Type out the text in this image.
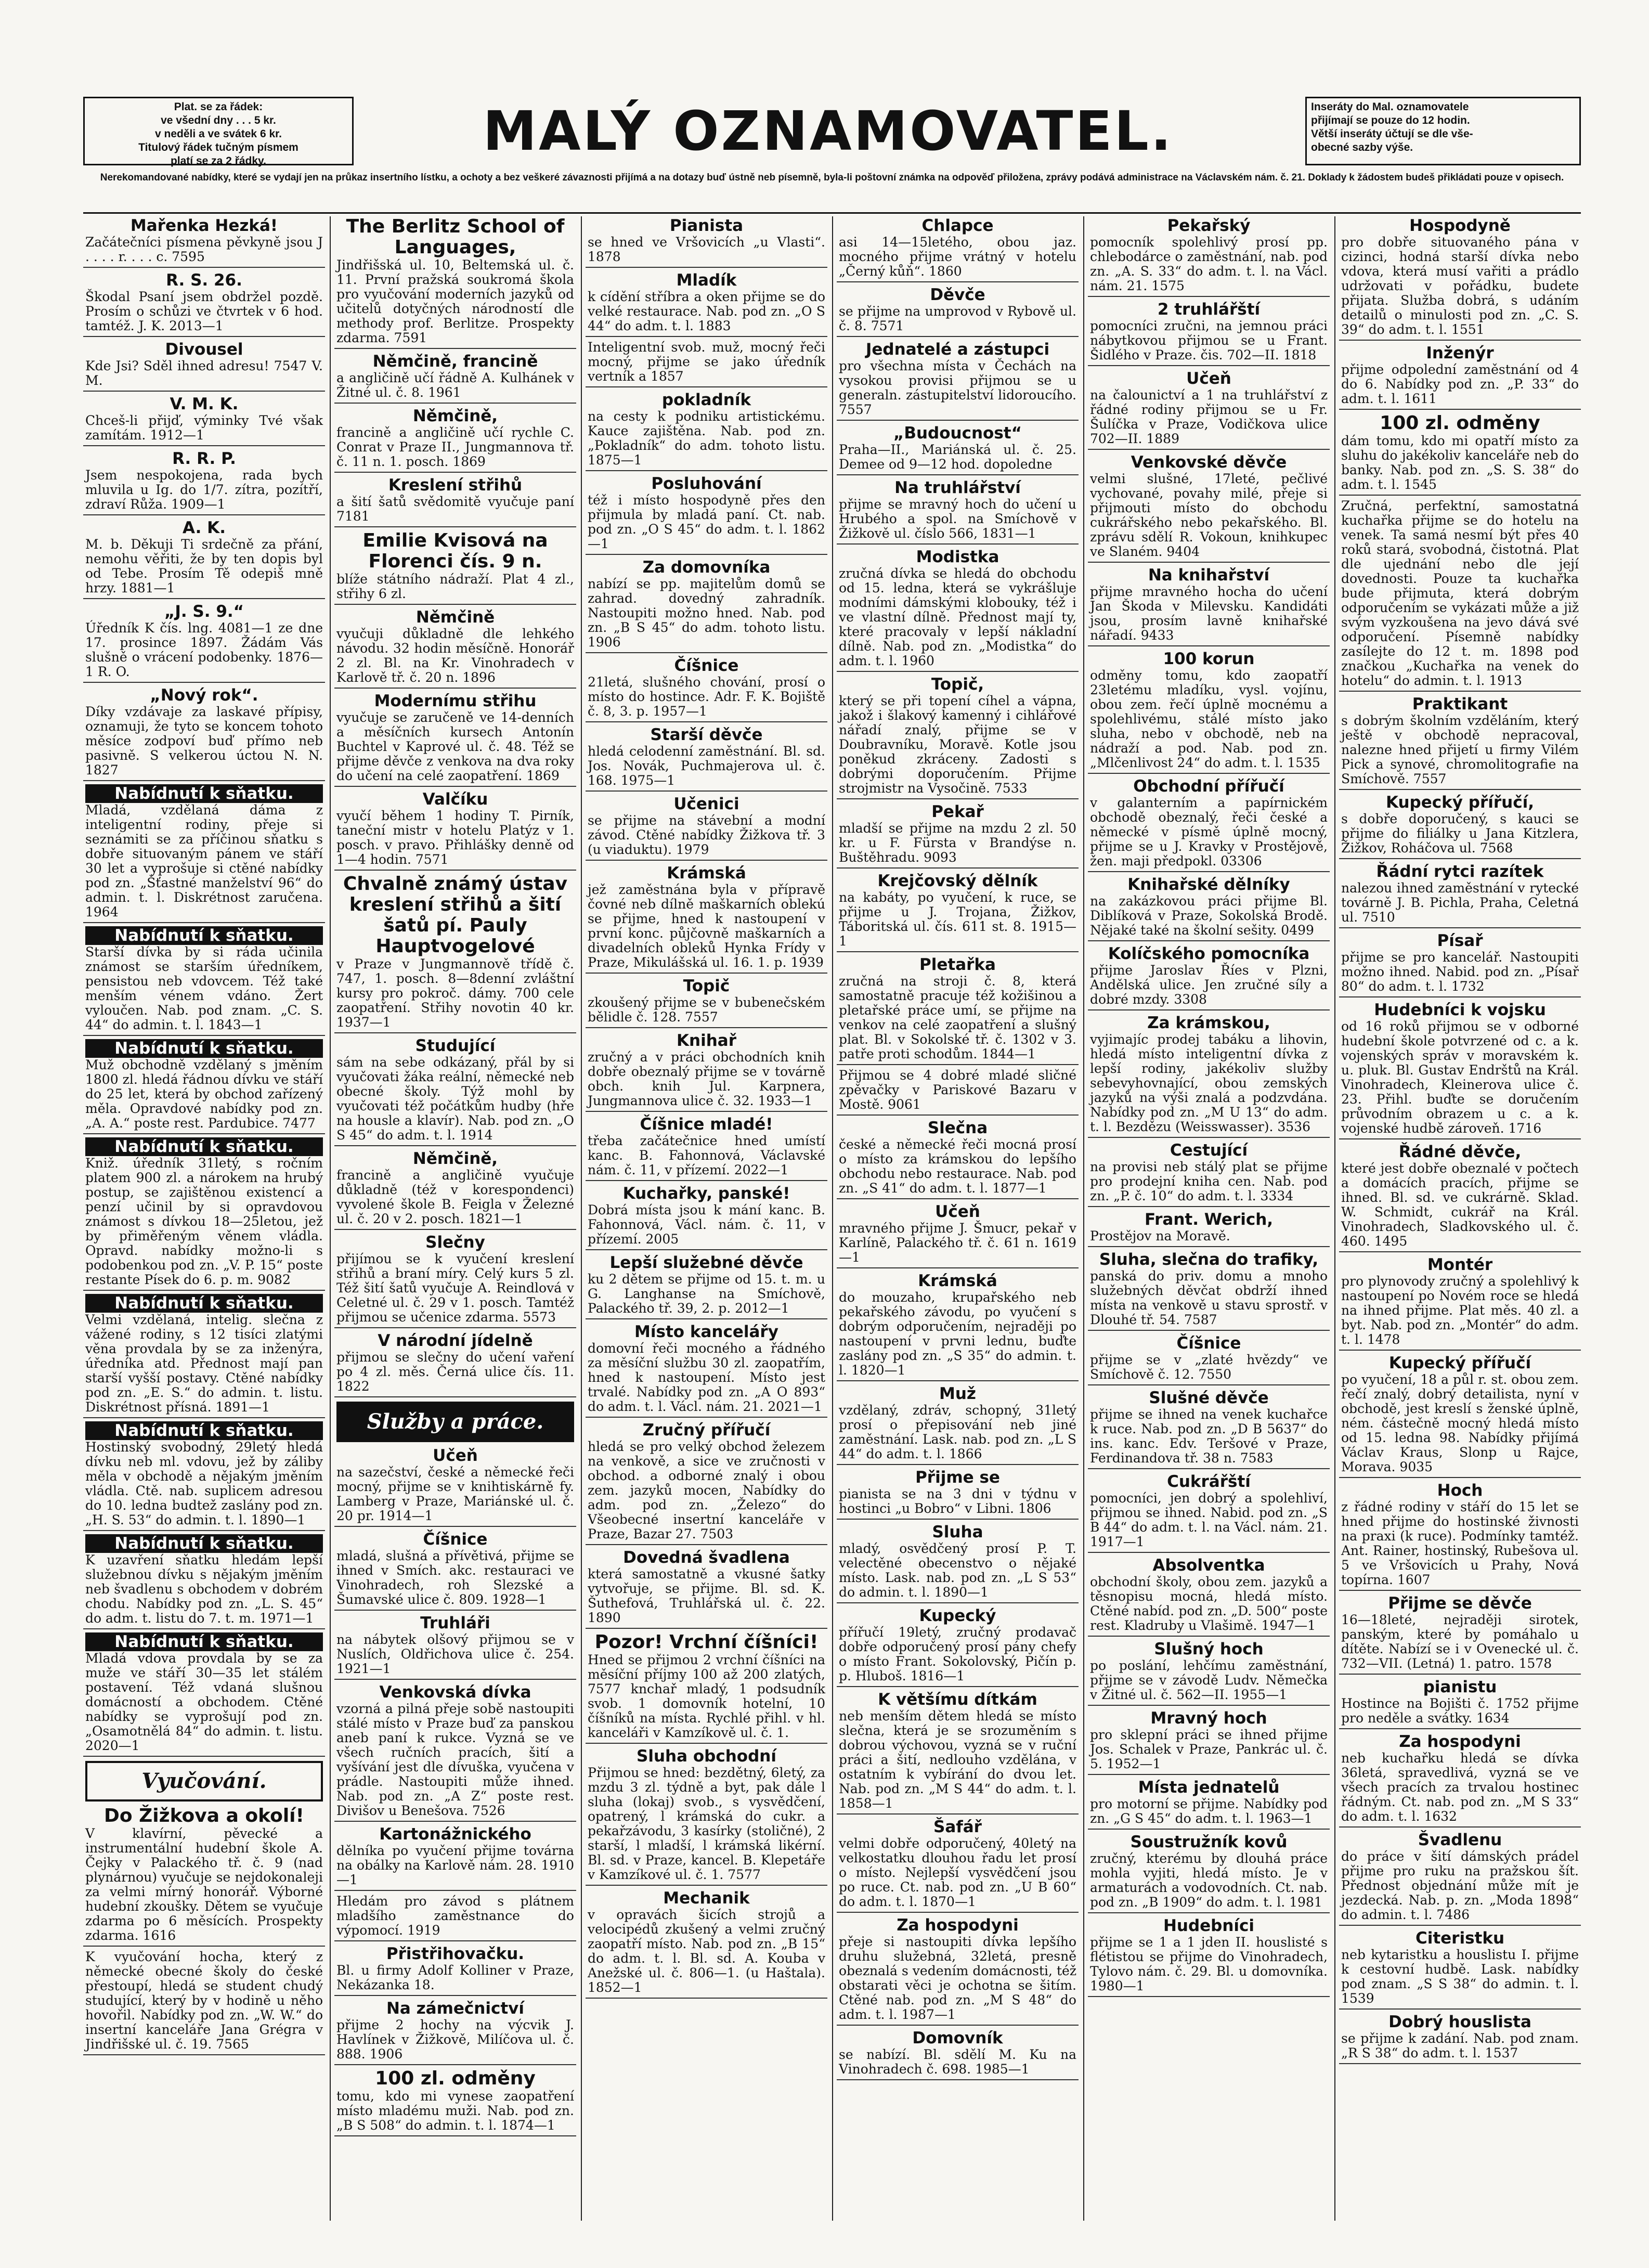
Plat. se za řádek:
ve všední dny . . . 5 kr.
v neděli a ve svátek 6 kr.
Titulový řádek tučným písmem
platí se za 2 řádky.	MALÝ OZNAMOVATEL.	Inseráty do Mal. oznamovatele
přijímají se pouze do 12 hodin.
Větší inseráty účtují se dle vše-
obecné sazby výše.
Nerekomandované nabídky, které se vydají jen na průkaz insertního lístku, a ochoty a bez veškeré závaznosti přijímá a na dotazy buď ústně neb písemně, byla-li poštovní známka na odpověď přiložena, zprávy podává administrace na Václavském nám. č. 21. Doklady k žádostem budeš přikládati pouze v opisech.
Mařenka Hezká!
Začátečníci písmena pěvkyně jsou J . . . . r. . . . c. 7595
R. S. 26.
Škodal Psaní jsem obdržel pozdě. Prosím o schůzi ve čtvrtek v 6 hod. tamtéž. J. K. 2013—1
Divousel
Kde Jsi? Sděl ihned adresu! 7547 V. M.
V. M. K.
Chceš-li přijď, výminky Tvé však zamítám. 1912—1
R. R. P.
Jsem nespokojena, rada bych mluvila u Ig. do 1/7. zítra, pozítří, zdraví Růža. 1909—1
A. K.
M. b. Děkuji Ti srdečně za přání, nemohu věřiti, že by ten dopis byl od Tebe. Prosím Tě odepiš mně hrzy. 1881—1
„J. S. 9.“
Úředník K čís. lng. 4081—1 ze dne 17. prosince 1897. Žádám Vás slušně o vrácení podobenky. 1876—1 R. O.
„Nový rok“.
Díky vzdávaje za laskavé přípisy, oznamuji, že tyto se koncem tohoto měsíce zodpoví buď přímo neb pasivně. S velkerou úctou N. N. 1827
Nabídnutí k sňatku.
Mladá, vzdělaná dáma z inteligentní rodiny, přeje si seznámiti se za příčinou sňatku s dobře situovaným pánem ve stáří 30 let a vyprošuje si ctěné nabídky pod zn. „Šťastné manželství 96“ do admin. t. l. Diskrétnost zaručena. 1964
Nabídnutí k sňatku.
Starší dívka by si ráda učinila známost se starším úředníkem, pensistou neb vdovcem. Též také menším vénem vdáno. Žert vyloučen. Nab. pod znam. „C. S. 44“ do admin. t. l. 1843—1
Nabídnutí k sňatku.
Muž obchodně vzdělaný s jměním 1800 zl. hledá řádnou dívku ve stáří do 25 let, která by obchod zařízený měla. Opravdové nabídky pod zn. „A. A.“ poste rest. Pardubice. 7477
Nabídnutí k sňatku.
Kniž. úředník 31letý, s ročním platem 900 zl. a nárokem na hrubý postup, se zajištěnou existencí a penzí učinil by si opravdovou známost s dívkou 18—25letou, jež by přiměřeným věnem vládla. Opravd. nabídky možno-li s podobenkou pod zn. „V. P. 15“ poste restante Písek do 6. p. m. 9082
Nabídnutí k sňatku.
Velmi vzdělaná, intelig. slečna z vážené rodiny, s 12 tisíci zlatými věna provdala by se za inženýra, úředníka atd. Přednost mají pan starší vyšší postavy. Ctěné nabídky pod zn. „E. S.“ do admin. t. listu. Diskrétnost přísná. 1891—1
Nabídnutí k sňatku.
Hostinský svobodný, 29letý hledá dívku neb ml. vdovu, jež by záliby měla v obchodě a nějakým jměním vládla. Ctě. nab. suplicem adresou do 10. ledna budtež zaslány pod zn. „H. S. 53“ do admin. t. l. 1890—1
Nabídnutí k sňatku.
K uzavření sňatku hledám lepší služebnou dívku s nějakým jměním neb švadlenu s obchodem v dobrém chodu. Nabídky pod zn. „L. S. 45“ do adm. t. listu do 7. t. m. 1971—1
Nabídnutí k sňatku.
Mladá vdova provdala by se za muže ve stáří 30—35 let stálém postavení. Též vdaná slušnou domácností a obchodem. Ctěné nabídky se vyprošují pod zn. „Osamotnělá 84“ do admin. t. listu. 2020—1
Vyučování.
Do Žižkova a okolí!
V klavírní, pěvecké a instrumentální hudební škole A. Čejky v Palackého tř. č. 9 (nad plynárnou) vyučuje se nejdokonaleji za velmi mírný honorář. Výborné hudební zkoušky. Dětem se vyučuje zdarma po 6 měsících. Prospekty zdarma. 1616
K vyučování hocha, který z německé obecné školy do české přestoupí, hledá se student chudý studující, který by v hodině u něho hovořil. Nabídky pod zn. „W. W.“ do insertní kanceláře Jana Grégra v Jindřišské ul. č. 19. 7565
The Berlitz School of Languages,
Jindřišská ul. 10, Beltemská ul. č. 11. První pražská soukromá škola pro vyučování moderních jazyků od učitelů dotyčných národností dle methody prof. Berlitze. Prospekty zdarma. 7591
Němčině, francině
a angličině učí řádně A. Kulhánek v Žitné ul. č. 8. 1961
Němčině,
francině a angličině učí rychle C. Conrat v Praze II., Jungmannova tř. č. 11 n. 1. posch. 1869
Kreslení střihů
a šití šatů svědomitě vyučuje paní 7181
Emilie Kvisová na Florenci čís. 9 n.
blíže státního nádraží. Plat 4 zl., střihy 6 zl.
Němčině
vyučuji důkladně dle lehkého návodu. 32 hodin měsíčně. Honorář 2 zl. Bl. na Kr. Vinohradech v Karlově tř. č. 20 n. 1896
Modernímu střihu
vyučuje se zaručeně ve 14-denních a měsíčních kursech Antonín Buchtel v Kaprové ul. č. 48. Též se přijme děvče z venkova na dva roky do učení na celé zaopatření. 1869
Valčíku
vyučí během 1 hodiny T. Pirník, taneční mistr v hotelu Platýz v 1. posch. v pravo. Přihlášky denně od 1—4 hodin. 7571
Chvalně známý ústav kreslení střihů a šití šatů pí. Pauly Hauptvogelové
v Praze v Jungmannově třídě č. 747, 1. posch. 8—8denní zvláštní kursy pro pokroč. dámy. 700 cele zaopatření. Střihy novotin 40 kr. 1937—1
Studující
sám na sebe odkázaný, přál by si vyučovati žáka reální, německé neb obecné školy. Týž mohl by vyučovati též počátkům hudby (hře na housle a klavír). Nab. pod zn. „O S 45“ do adm. t. l. 1914
Němčině,
francině a angličině vyučuje důkladně (též v korespondenci) vyvolené škole B. Feigla v Železné ul. č. 20 v 2. posch. 1821—1
Slečny
přijímou se k vyučení kreslení střihů a braní míry. Celý kurs 5 zl. Též šití šatů vyučuje A. Reindlová v Celetné ul. č. 29 v 1. posch. Tamtéž přijmou se učenice zdarma. 5573
V národní jídelně
přijmou se slečny do učení vaření po 4 zl. měs. Černá ulice čís. 11. 1822
Služby a práce.
Učeň
na sazečství, české a německé řeči mocný, přijme se v knihtiskárně fy. Lamberg v Praze, Mariánské ul. č. 20 pr. 1914—1
Číšnice
mladá, slušná a přívětivá, přijme se ihned v Smích. akc. restauraci ve Vinohradech, roh Slezské a Šumavské ulice č. 809. 1928—1
Truhláři
na nábytek olšový přijmou se v Nuslích, Oldřichova ulice č. 254. 1921—1
Venkovská dívka
vzorná a pilná přeje sobě nastoupiti stálé místo v Praze buď za panskou aneb paní k rukce. Vyzná se ve všech ručních pracích, šití a vyšívání jest dle dívuška, vyučena v prádle. Nastoupiti může ihned. Nab. pod zn. „A Z“ poste rest. Divišov u Benešova. 7526
Kartonážnického
dělníka po vyučení přijme továrna na obálky na Karlově nám. 28. 1910—1
Hledám pro závod s plátnem mladšího zaměstnance do výpomocí. 1919
Přistřihovačku.
Bl. u firmy Adolf Kolliner v Praze, Nekázanka 18.
Na zámečnictví
přijme 2 hochy na výcvik J. Havlínek v Žižkově, Milíčova ul. č. 888. 1906
100 zl. odměny
tomu, kdo mi vynese zaopatření místo mladému muži. Nab. pod zn. „B S 508“ do admin. t. l. 1874—1
Pianista
se hned ve Vršovicích „u Vlasti“. 1878
Mladík
k cídění stříbra a oken přijme se do velké restaurace. Nab. pod zn. „O S 44“ do adm. t. l. 1883
Inteligentní svob. muž, mocný řeči mocný, přijme se jako úředník vertník a 1857
pokladník
na cesty k podniku artistickému. Kauce zajištěna. Nab. pod zn. „Pokladník“ do adm. tohoto listu. 1875—1
Posluhování
též i místo hospodyně přes den přijmula by mladá paní. Ct. nab. pod zn. „O S 45“ do adm. t. l. 1862—1
Za domovníka
nabízí se pp. majitelům domů se zahrad. dovedný zahradník. Nastoupiti možno hned. Nab. pod zn. „B S 45“ do adm. tohoto listu. 1906
Číšnice
21letá, slušného chování, prosí o místo do hostince. Adr. F. K. Bojiště č. 8, 3. p. 1957—1
Starší děvče
hledá celodenní zaměstnání. Bl. sd. Jos. Novák, Puchmajerova ul. č. 168. 1975—1
Učenici
se přijme na stávební a modní závod. Ctěné nabídky Žižkova tř. 3 (u viaduktu). 1979
Krámská
jež zaměstnána byla v přípravě čovné neb dílně maškarních oblekú se přijme, hned k nastoupení v první konc. půjčovně maškarních a divadelních obleků Hynka Frídy v Praze, Mikulášská ul. 16. 1. p. 1939
Topič
zkoušený přijme se v bubenečském bělidle č. 128. 7557
Knihař
zručný a v práci obchodních knih dobře obeznalý přijme se v továrně obch. knih Jul. Karpnera, Jungmannova ulice č. 32. 1933—1
Číšnice mladé!
třeba začátečnice hned umístí kanc. B. Fahonnová, Václavské nám. č. 11, v přízemí. 2022—1
Kuchařky, panské!
Dobrá místa jsou k mání kanc. B. Fahonnová, Václ. nám. č. 11, v přízemí. 2005
Lepší služebné děvče
ku 2 dětem se přijme od 15. t. m. u G. Langhanse na Smíchově, Palackého tř. 39, 2. p. 2012—1
Místo kancelářy
domovní řeči mocného a řádného za měsíční službu 30 zl. zaopatřím, hned k nastoupení. Místo jest trvalé. Nabídky pod zn. „A O 893“ do adm. t. l. Václ. nám. 21. 2021—1
Zručný přířučí
hledá se pro velký obchod železem na venkově, a sice ve zručnosti v obchod. a odborné znalý i obou zem. jazyků mocen, Nabídky do adm. pod zn. „Železo“ do Všeobecné insertní kanceláře v Praze, Bazar 27. 7503
Dovedná švadlena
která samostatně a vkusné šatky vytvořuje, se přijme. Bl. sd. K. Šuthefová, Truhlářská ul. č. 22. 1890
Pozor! Vrchní číšníci!
Hned se přijmou 2 vrchní číšníci na měsíční příjmy 100 až 200 zlatých, 7577 knchař mladý, 1 podsudník svob. 1 domovník hotelní, 10 číšníků na místa. Rychlé přihl. v hl. kanceláři v Kamzíkově ul. č. 1.
Sluha obchodní
Přijmou se hned: bezdětný, 6letý, za mzdu 3 zl. týdně a byt, pak dále l sluha (lokaj) svob., s vysvědčení, opatrený, l krámská do cukr. a pekařzávodu, 3 kasírky (stoličné), 2 starší, l mladší, l krámská likérní. Bl. sd. v Praze, kancel. B. Klepetáře v Kamzíkové ul. č. 1. 7577
Mechanik
v opravách šicích strojů a velocipédů zkušený a velmi zručný zaopatří místo. Nab. pod zn. „B 15“ do adm. t. l. Bl. sd. A. Kouba v Anežské ul. č. 806—1. (u Haštala). 1852—1
Chlapce
asi 14—15letého, obou jaz. mocného přijme vrátný v hotelu „Černý kůň“. 1860
Děvče
se přijme na umprovod v Rybově ul. č. 8. 7571
Jednatelé a zástupci
pro všechna místa v Čechách na vysokou provisi přijmou se u generaln. zástupitelství lidoroucího. 7557
„Budoucnost“
Praha—II., Mariánská ul. č. 25. Demee od 9—12 hod. dopoledne
Na truhlářství
přijme se mravný hoch do učení u Hrubého a spol. na Smíchově v Žižkově ul. číslo 566, 1831—1
Modistka
zručná dívka se hledá do obchodu od 15. ledna, která se vykrášluje modními dámskými klobouky, též i ve vlastní dílně. Přednost mají ty, které pracovaly v lepší nákladní dílně. Nab. pod zn. „Modistka“ do adm. t. l. 1960
Topič,
který se při topení cíhel a vápna, jakož i šlakový kamenný i cihlářové nářadí znalý, přijme se v Doubravníku, Moravě. Kotle jsou poněkud zkráceny. Zadosti s dobrými doporučením. Přijme strojmistr na Vysočině. 7533
Pekař
mladší se přijme na mzdu 2 zl. 50 kr. u F. Fürsta v Brandýse n. Buštěhradu. 9093
Krejčovský dělník
na kabáty, po vyučení, k ruce, se přijme u J. Trojana, Žižkov, Táboritská ul. čís. 611 st. 8. 1915—1
Pletařka
zručná na stroji č. 8, která samostatně pracuje též kožišinou a pletařské práce umí, se přijme na venkov na celé zaopatření a slušný plat. Bl. v Sokolské tř. č. 1302 v 3. patře proti schodům. 1844—1
Přijmou se 4 dobré mladé sličné zpěvačky v Pariskové Bazaru v Mostě. 9061
Slečna
české a německé řeči mocná prosí o místo za krámskou do lepšího obchodu nebo restaurace. Nab. pod zn. „S 41“ do adm. t. l. 1877—1
Učeň
mravného přijme J. Šmucr, pekař v Karlíně, Palackého tř. č. 61 n. 1619—1
Krámská
do mouzaho, krupařského neb pekařského závodu, po vyučení s dobrým odporučením, nejraději po nastoupení v prvni lednu, buďte zaslány pod zn. „S 35“ do admin. t. l. 1820—1
Muž
vzdělaný, zdráv, schopný, 31letý prosí o přepisování neb jiné zaměstnání. Lask. nab. pod zn. „L S 44“ do adm. t. l. 1866
Přijme se
pianista se na 3 dni v týdnu v hostinci „u Bobro“ v Libni. 1806
Sluha
mladý, osvědčený prosí P. T. velectěné obecenstvo o nějaké místo. Lask. nab. pod zn. „L S 53“ do admin. t. l. 1890—1
Kupecký
přířučí 19letý, zručný prodavač dobře odporučený prosí pány chefy o místo Frant. Sokolovský, Pičín p. p. Hluboš. 1816—1
K většímu dítkám
neb menším dětem hledá se místo slečna, která je se srozuměním s dobrou výchovou, vyzná se v ruční práci a šití, nedlouho vzdělána, v ostatním k vybírání do dvou let. Nab. pod zn. „M S 44“ do adm. t. l. 1858—1
Šafář
velmi dobře odporučený, 40letý na velkostatku dlouhou řadu let prosí o místo. Nejlepší vysvědčení jsou po ruce. Ct. nab. pod zn. „U B 60“ do adm. t. l. 1870—1
Za hospodyni
přeje si nastoupiti dívka lepšího druhu služebná, 32letá, presně obeznalá s vedením domácnosti, též obstarati věci je ochotna se šitím. Ctěné nab. pod zn. „M S 48“ do adm. t. l. 1987—1
Domovník
se nabízí. Bl. sdělí M. Ku na Vinohradech č. 698. 1985—1
Pekařský
pomocník spolehlivý prosí pp. chlebodárce o zaměstnání, nab. pod zn. „A. S. 33“ do adm. t. l. na Václ. nám. 21. 1575
2 truhlářští
pomocníci zručni, na jemnou práci nábytkovou přijmou se u Frant. Šidlého v Praze. čis. 702—II. 1818
Učeň
na čalounictví a 1 na truhlářství z řádné rodiny přijmou se u Fr. Šulíčka v Praze, Vodičkova ulice 702—II. 1889
Venkovské děvče
velmi slušné, 17leté, pečlivé vychované, povahy milé, přeje si přijmouti místo do obchodu cukrářského nebo pekařského. Bl. zprávu sdělí R. Vokoun, knihkupec ve Slaném. 9404
Na knihařství
přijme mravného hocha do učení Jan Škoda v Milevsku. Kandidáti jsou, prosím lavně knihařské nářadí. 9433
100 korun
odměny tomu, kdo zaopatří 23letému mladíku, vysl. vojínu, obou zem. řečí úplně mocnému a spolehlivému, stálé místo jako sluha, nebo v obchodě, neb na nádraží a pod. Nab. pod zn. „Mlčenlivost 24“ do adm. t. l. 1535
Obchodní přířučí
v galanterním a papírnickém obchodě obeznalý, řeči české a německé v písmě úplně mocný, přijme se u J. Kravky v Prostějově, žen. maji předpokl. 03306
Knihařské dělníky
na zakázkovou práci přijme Bl. Diblíková v Praze, Sokolská Brodě. Nějaké také na školní sešity. 0499
Kolíčského pomocníka
přijme Jaroslav Říes v Plzni, Andělská ulice. Jen zručné síly a dobré mzdy. 3308
Za krámskou,
vyjimajíc prodej tabáku a lihovin, hledá místo inteligentní dívka z lepší rodiny, jakékoliv služby sebevyhovnající, obou zemských jazyků na výši znalá a podzvdána. Nabídky pod zn. „M U 13“ do adm. t. l. Bezdězu (Weisswasser). 3536
Cestující
na provisi neb stálý plat se přijme pro prodejní kniha cen. Nab. pod zn. „P. č. 10“ do adm. t. l. 3334
Frant. Werich,
Prostějov na Moravě.
Sluha, slečna do trafiky,
panská do priv. domu a mnoho služebných děvčat obdrží ihned místa na venkově u stavu sprostř. v Dlouhé tř. 54. 7587
Číšnice
přijme se v „zlaté hvězdy“ ve Smíchově č. 12. 7550
Slušné děvče
přijme se ihned na venek kuchařce k ruce. Nab. pod zn. „D B 5637“ do ins. kanc. Edv. Teršové v Praze, Ferdinandova tř. 38 n. 7583
Cukrářští
pomocníci, jen dobrý a spolehliví, přijmou se ihned. Nabid. pod zn. „S B 44“ do adm. t. l. na Václ. nám. 21. 1917—1
Absolventka
obchodní školy, obou zem. jazyků a těsnopisu mocná, hledá místo. Ctěné nabíd. pod zn. „D. 500“ poste rest. Kladruby u Vlašimě. 1947—1
Slušný hoch
po poslání, lehčímu zaměstnání, přijme se v závodě Ludv. Němečka v Žitné ul. č. 562—II. 1955—1
Mravný hoch
pro sklepní práci se ihned přijme Jos. Schalek v Praze, Pankrác ul. č. 5. 1952—1
Místa jednatelů
pro motorní se přijme. Nabídky pod zn. „G S 45“ do adm. t. l. 1963—1
Soustružník kovů
zručný, kterému by dlouhá práce mohla vyjiti, hledá místo. Je v armaturách a vodovodních. Ct. nab. pod zn. „B 1909“ do adm. t. l. 1981
Hudebníci
přijme se 1 a 1 jden II. houslisté s flétistou se přijme do Vinohradech, Tylovo nám. č. 29. Bl. u domovníka. 1980—1
Hospodyně
pro dobře situovaného pána v cizinci, hodná starší dívka nebo vdova, která musí vařiti a prádlo udržovati v pořádku, budete přijata. Služba dobrá, s udáním detailů o minulosti pod zn. „C. S. 39“ do adm. t. l. 1551
Inženýr
přijme odpolední zaměstnání od 4 do 6. Nabídky pod zn. „P. 33“ do adm. t. l. 1611
100 zl. odměny
dám tomu, kdo mi opatří místo za sluhu do jakékoliv kanceláře neb do banky. Nab. pod zn. „S. S. 38“ do adm. t. l. 1545
Zručná, perfektní, samostatná kuchařka přijme se do hotelu na venek. Ta samá nesmí být přes 40 roků stará, svobodná, čistotná. Plat dle ujednání nebo dle její dovednosti. Pouze ta kuchařka bude přijmuta, která dobrým odporučením se vykázati může a již svým vyzkoušena na jevo dává své odporučení. Písemně nabídky zasílejte do 12 t. m. 1898 pod značkou „Kuchařka na venek do hotelu“ do admin. t. l. 1913
Praktikant
s dobrým školním vzděláním, který ještě v obchodě nepracoval, nalezne hned přijetí u firmy Vilém Pick a synové, chromolitografie na Smíchově. 7557
Kupecký přířučí,
s dobře doporučený, s kauci se přijme do filiálky u Jana Kitzlera, Žižkov, Roháčova ul. 7568
Řádní rytci razítek
nalezou ihned zaměstnání v rytecké továrně J. B. Pichla, Praha, Celetná ul. 7510
Písař
přijme se pro kancelář. Nastoupiti možno ihned. Nabid. pod zn. „Písař 80“ do adm. t. l. 1732
Hudebníci k vojsku
od 16 roků přijmou se v odborné hudební škole potvrzené od c. a k. vojenských správ v moravském k. u. pluk. Bl. Gustav Endrštů na Král. Vinohradech, Kleinerova ulice č. 23. Přihl. buďte se doručením průvodním obrazem u c. a k. vojenské hudbě zároveň. 1716
Řádné děvče,
které jest dobře obeznalé v počtech a domácích pracích, přijme se ihned. Bl. sd. ve cukrárně. Sklad. W. Schmidt, cukrář na Král. Vinohradech, Sladkovského ul. č. 460. 1495
Montér
pro plynovody zručný a spolehlivý k nastoupení po Novém roce se hledá na ihned přijme. Plat měs. 40 zl. a byt. Nab. pod zn. „Montér“ do adm. t. l. 1478
Kupecký přířučí
po vyučení, 18 a půl r. st. obou zem. řečí znalý, dobrý detailista, nyní v obchodě, jest kreslí s ženské úplně, ném. částečně mocný hledá místo od 15. ledna 98. Nabídky přijímá Václav Kraus, Slonp u Rajce, Morava. 9035
Hoch
z řádné rodiny v stáří do 15 let se hned přijme do hostinské živnosti na praxi (k ruce). Podmínky tamtéž. Ant. Rainer, hostinský, Rubešova ul. 5 ve Vršovicích u Prahy, Nová topírna. 1607
Přijme se děvče
16—18leté, nejraději sirotek, panským, které by pomáhalo u dítěte. Nabízí se i v Ovenecké ul. č. 732—VII. (Letná) 1. patro. 1578
pianistu
Hostince na Bojišti č. 1752 přijme pro neděle a svátky. 1634
Za hospodyni
neb kuchařku hledá se dívka 36letá, spravedlivá, vyzná se ve všech pracích za trvalou hostinec řádným. Ct. nab. pod zn. „M S 33“ do adm. t. l. 1632
Švadlenu
do práce v šití dámských prádel přijme pro ruku na pražskou šít. Přednost objednání může mít je jezdecká. Nab. p. zn. „Moda 1898“ do admin. t. l. 7486
Citeristku
neb kytaristku a houslistu I. přijme k cestovní hudbě. Lask. nabídky pod znam. „S S 38“ do admin. t. l. 1539
Dobrý houslista
se přijme k zadání. Nab. pod znam. „R S 38“ do adm. t. l. 1537
